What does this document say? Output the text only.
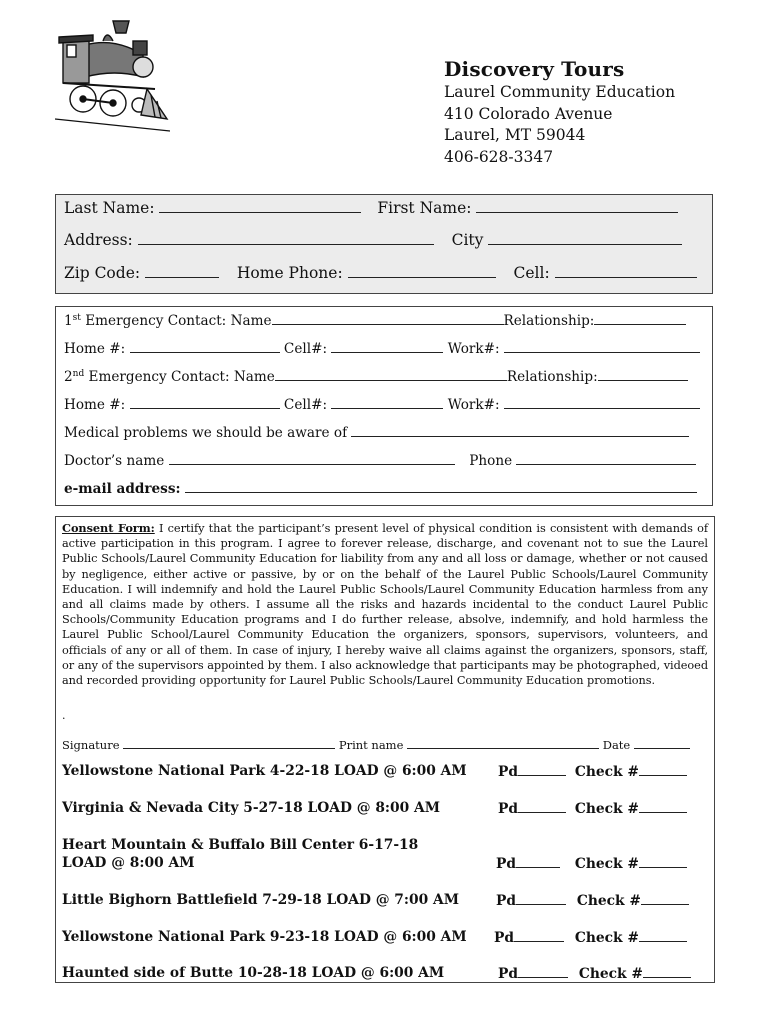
Discovery Tours
Laurel Community Education
410 Colorado Avenue
Laurel, MT 59044
406-628-3347
Last Name:	First Name:
Address:	City
Zip Code:	Home Phone:	Cell:
1st Emergency Contact: Name	Relationship:
Home #:	Cell#:	Work#:
2nd Emergency Contact: Name	Relationship:
Home #:	Cell#:	Work#:
Medical problems we should be aware of
Doctor’s name	Phone
e-mail address:
Consent Form: I certify that the participant’s present level of physical condition is consistent with demands of active participation in this program. I agree to forever release, discharge, and covenant not to sue the Laurel Public Schools/Laurel Community Education for liability from any and all loss or damage, whether or not caused by negligence, either active or passive, by or on the behalf of the Laurel Public Schools/Laurel Community Education. I will indemnify and hold the Laurel Public Schools/Laurel Community Education harmless from any and all claims made by others. I assume all the risks and hazards incidental to the conduct Laurel Public Schools/Community Education programs and I do further release, absolve, indemnify, and hold harmless the Laurel Public School/Laurel Community Education the organizers, sponsors, supervisors, volunteers, and officials of any or all of them. In case of injury, I hereby waive all claims against the organizers, sponsors, staff, or any of the supervisors appointed by them. I also acknowledge that participants may be photographed, videoed and recorded providing opportunity for Laurel Public Schools/Laurel Community Education promotions.
.
Signature	Print name	Date
Yellowstone National Park 4-22-18 LOAD @ 6:00 AM Pd	Check #
Virginia & Nevada City 5-27-18 LOAD @ 8:00 AM	Pd	Check #
Heart Mountain & Buffalo Bill Center 6-17-18
LOAD @ 8:00 AM	Pd	Check #
Little Bighorn Battlefield 7-29-18 LOAD @ 7:00 AM	Pd	Check #
Yellowstone National Park 9-23-18 LOAD @ 6:00 AM Pd	Check #
Haunted side of Butte 10-28-18 LOAD @ 6:00 AM	Pd	Check #
